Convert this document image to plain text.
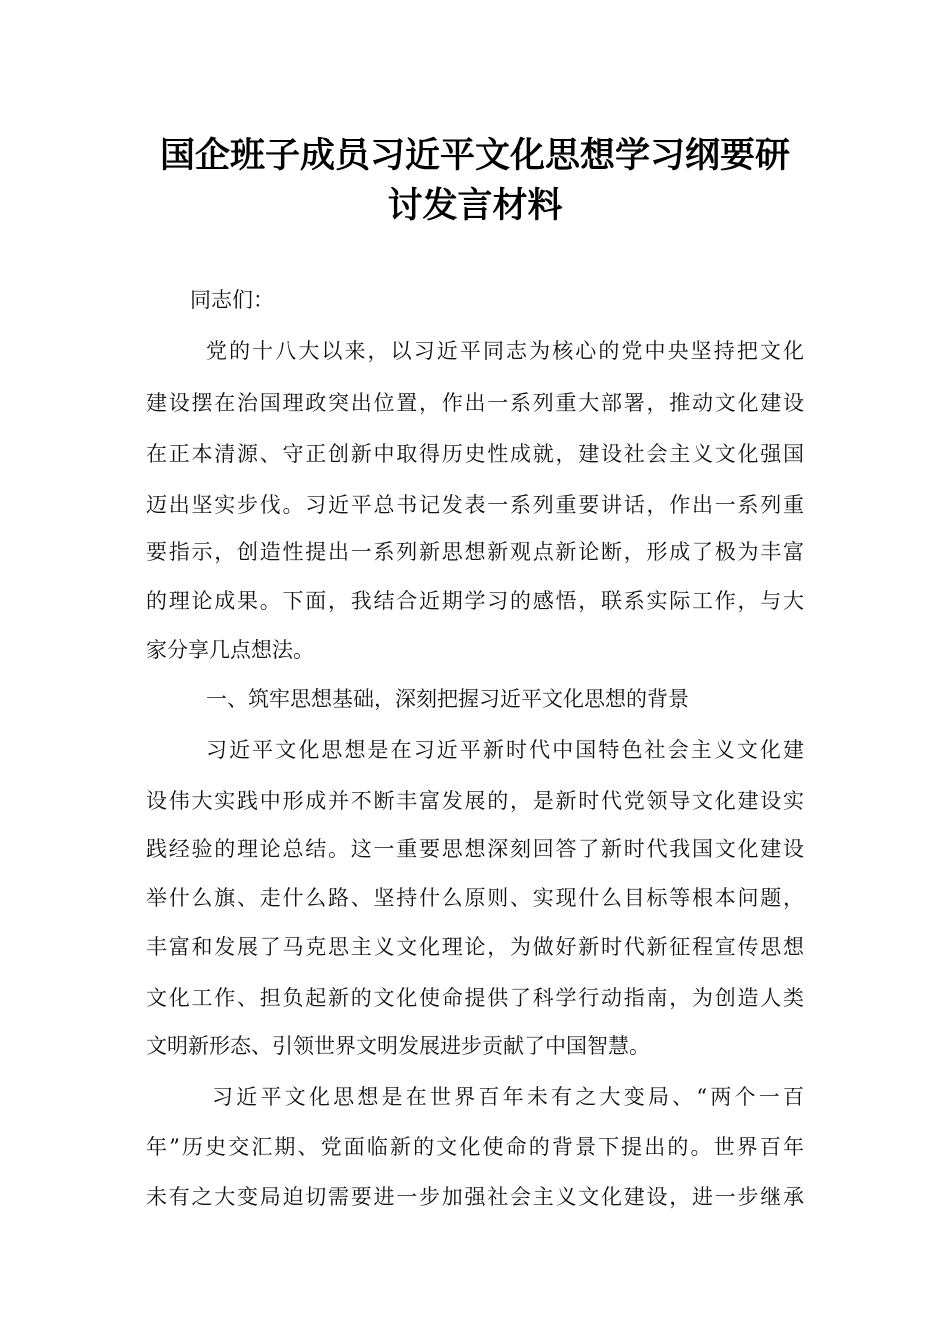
国企班子成员习近平文化思想学习纲要研
讨发言材料
同志们：
党的十八大以来，以习近平同志为核心的党中央坚持把文化
建设摆在治国理政突出位置，作出一系列重大部署，推动文化建设
在正本清源、守正创新中取得历史性成就，建设社会主义文化强国
迈出坚实步伐。习近平总书记发表一系列重要讲话，作出一系列重
要指示，创造性提出一系列新思想新观点新论断，形成了极为丰富
的理论成果。下面，我结合近期学习的感悟，联系实际工作，与大
家分享几点想法。
一、筑牢思想基础，深刻把握习近平文化思想的背景
习近平文化思想是在习近平新时代中国特色社会主义文化建
设伟大实践中形成并不断丰富发展的，是新时代党领导文化建设实
践经验的理论总结。这一重要思想深刻回答了新时代我国文化建设
举什么旗、走什么路、坚持什么原则、实现什么目标等根本问题，
丰富和发展了马克思主义文化理论，为做好新时代新征程宣传思想
文化工作、担负起新的文化使命提供了科学行动指南，为创造人类
文明新形态、引领世界文明发展进步贡献了中国智慧。
习近平文化思想是在世界百年未有之大变局、“两个一百
年”历史交汇期、党面临新的文化使命的背景下提出的。世界百年
未有之大变局迫切需要进一步加强社会主义文化建设，进一步继承
